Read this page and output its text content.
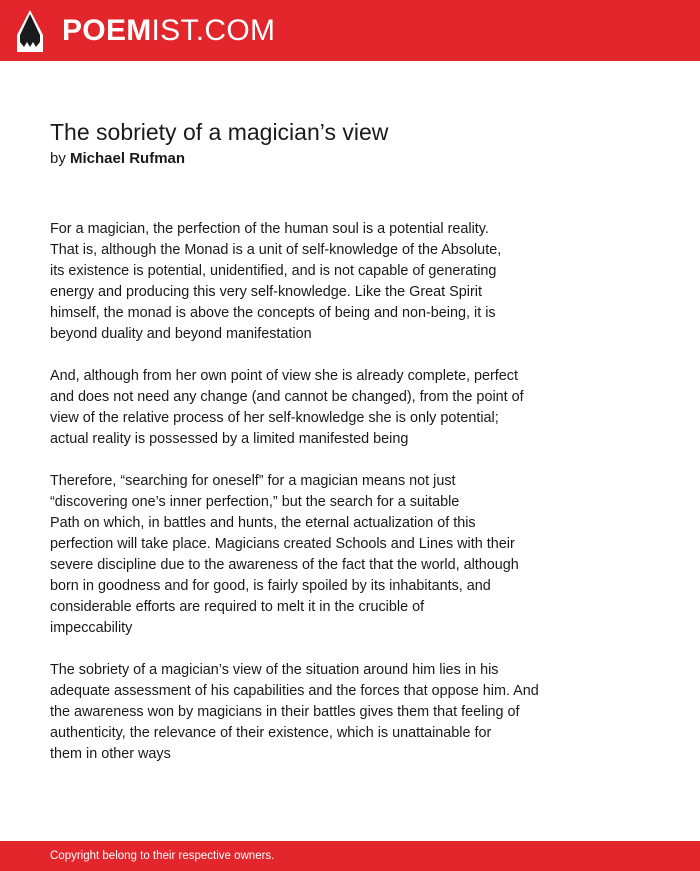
POEMIST.COM
The sobriety of a magician’s view
by Michael Rufman
For a magician, the perfection of the human soul is a potential reality.
That is, although the Monad is a unit of self-knowledge of the Absolute,
its existence is potential, unidentified, and is not capable of generating
energy and producing this very self-knowledge. Like the Great Spirit
himself, the monad is above the concepts of being and non-being, it is
beyond duality and beyond manifestation
And, although from her own point of view she is already complete, perfect
and does not need any change (and cannot be changed), from the point of
view of the relative process of her self-knowledge she is only potential;
actual reality is possessed by a limited manifested being
Therefore, “searching for oneself” for a magician means not just
“discovering one’s inner perfection,” but the search for a suitable
Path on which, in battles and hunts, the eternal actualization of this
perfection will take place. Magicians created Schools and Lines with their
severe discipline due to the awareness of the fact that the world, although
born in goodness and for good, is fairly spoiled by its inhabitants, and
considerable efforts are required to melt it in the crucible of
impeccability
The sobriety of a magician’s view of the situation around him lies in his
adequate assessment of his capabilities and the forces that oppose him. And
the awareness won by magicians in their battles gives them that feeling of
authenticity, the relevance of their existence, which is unattainable for
them in other ways
Copyright belong to their respective owners.
